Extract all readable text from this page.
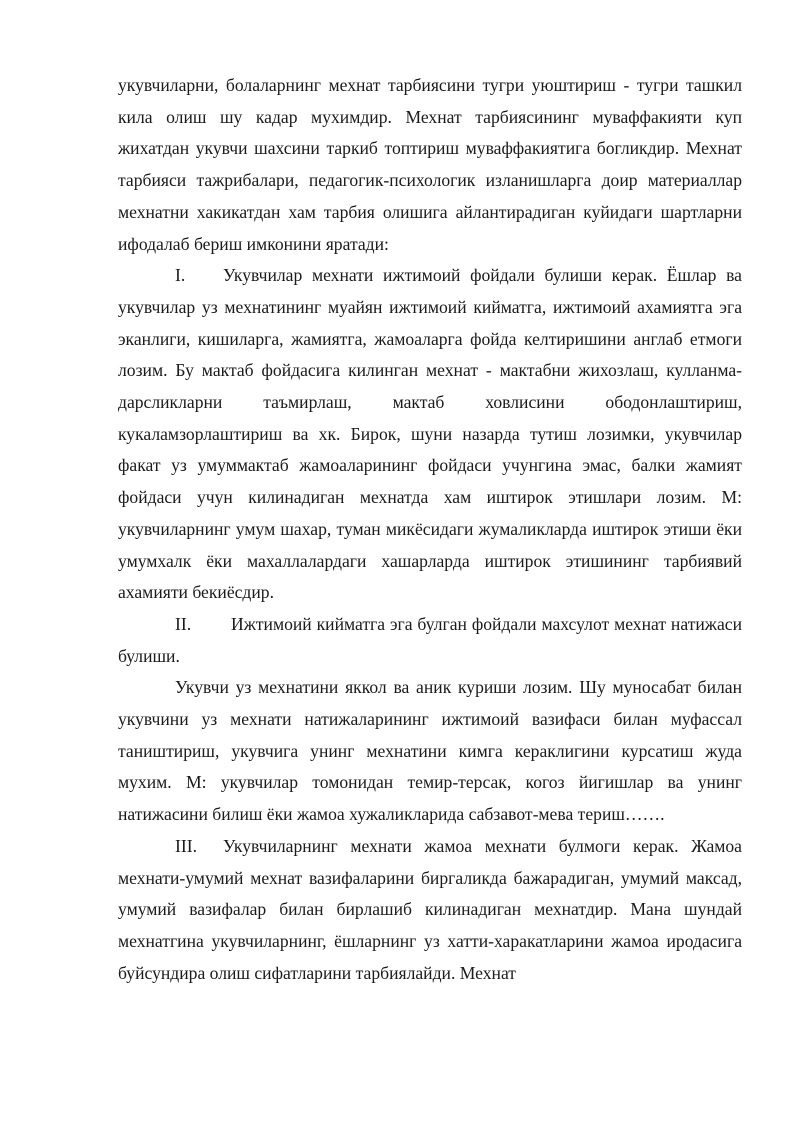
укувчиларни, болаларнинг мехнат тарбиясини тугри уюштириш - тугри ташкил кила олиш шу кадар мухимдир. Мехнат тарбиясининг муваффакияти куп жихатдан укувчи шахсини таркиб топтириш муваффакиятига богликдир. Мехнат тарбияси тажрибалари, педагогик-психологик изланишларга доир материаллар мехнатни хакикатдан хам тарбия олишига айлантирадиган куйидаги шартларни ифодалаб бериш имконини яратади:

I. Укувчилар мехнати ижтимоий фойдали булиши керак. Ёшлар ва укувчилар уз мехнатининг муайян ижтимоий кийматга, ижтимоий ахамиятга эга эканлиги, кишиларга, жамиятга, жамоаларга фойда келтиришини англаб етмоги лозим. Бу мактаб фойдасига килинган мехнат - мактабни жихозлаш, кулланма-дарсликларни таъмирлаш, мактаб ховлисини ободонлаштириш, кукаламзорлаштириш ва хк. Бирок, шуни назарда тутиш лозимки, укувчилар факат уз умуммактаб жамоаларининг фойдаси учунгина эмас, балки жамият фойдаси учун килинадиган мехнатда хам иштирок этишлари лозим. М: укувчиларнинг умум шахар, туман микёсидаги жумаликларда иштирок этиши ёки умумхалк ёки махаллалардаги хашарларда иштирок этишининг тарбиявий ахамияти бекиёсдир.

II. Ижтимоий кийматга эга булган фойдали махсулот мехнат натижаси булиши.

Укувчи уз мехнатини яккол ва аник куриши лозим. Шу муносабат билан укувчини уз мехнати натижаларининг ижтимоий вазифаси билан муфассал таништириш, укувчига унинг мехнатини кимга кераклигини курсатиш жуда мухим. М: укувчилар томонидан темир-терсак, когоз йигишлар ва унинг натижасини билиш ёки жамоа хужаликларида сабзавот-мева териш…….

III. Укувчиларнинг мехнати жамоа мехнати булмоги керак. Жамоа мехнати-умумий мехнат вазифаларини биргаликда бажарадиган, умумий максад, умумий вазифалар билан бирлашиб килинадиган мехнатдир. Мана шундай мехнатгина укувчиларнинг, ёшларнинг уз хатти-харакатларини жамоа иродасига буйсундира олиш сифатларини тарбиялайди. Мехнат
